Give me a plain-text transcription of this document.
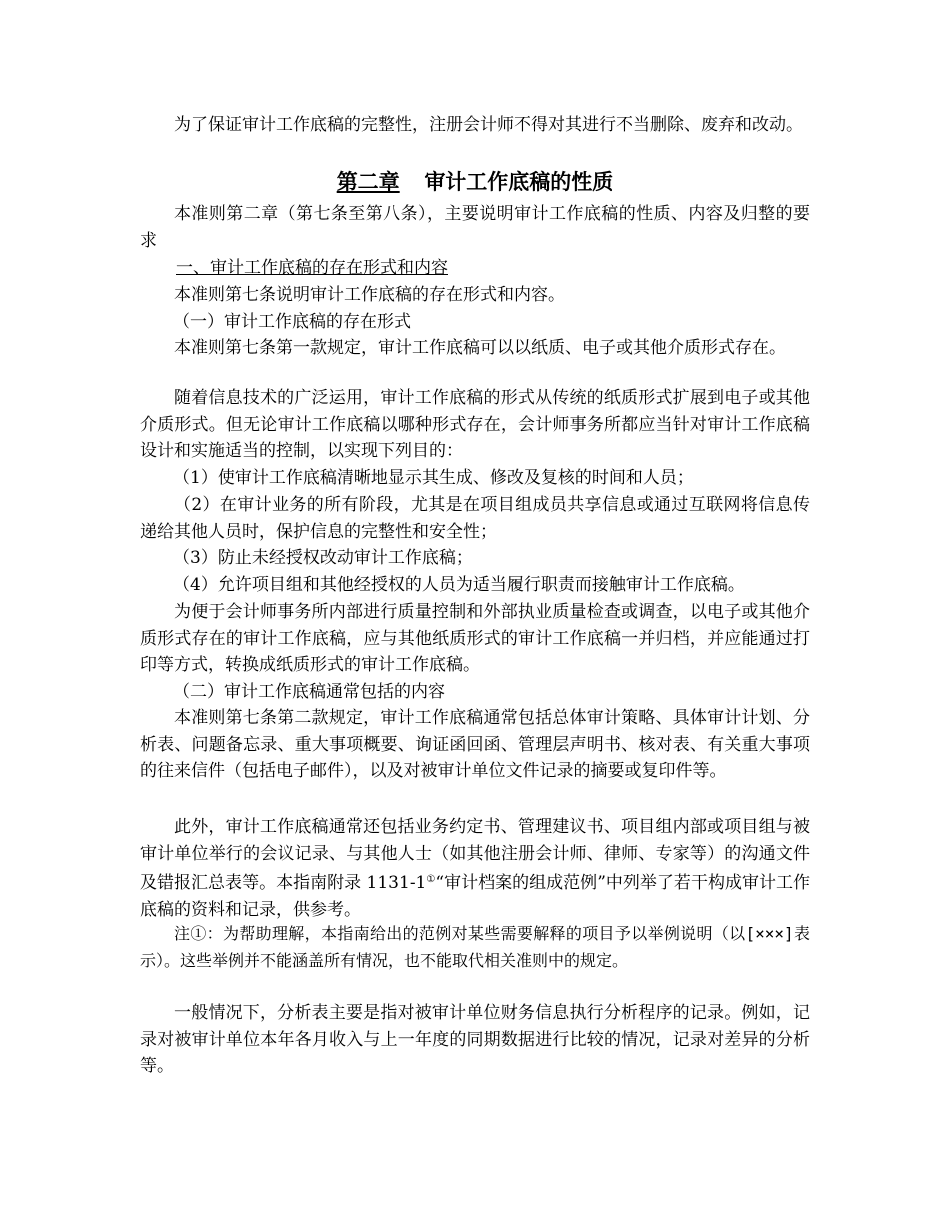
为了保证审计工作底稿的完整性，注册会计师不得对其进行不当删除、废弃和改动。

第二章 审计工作底稿的性质

本准则第二章（第七条至第八条），主要说明审计工作底稿的性质、内容及归整的要求

一、审计工作底稿的存在形式和内容

本准则第七条说明审计工作底稿的存在形式和内容。

（一）审计工作底稿的存在形式

本准则第七条第一款规定，审计工作底稿可以以纸质、电子或其他介质形式存在。

随着信息技术的广泛运用，审计工作底稿的形式从传统的纸质形式扩展到电子或其他介质形式。但无论审计工作底稿以哪种形式存在，会计师事务所都应当针对审计工作底稿设计和实施适当的控制，以实现下列目的：

（1）使审计工作底稿清晰地显示其生成、修改及复核的时间和人员；

（2）在审计业务的所有阶段，尤其是在项目组成员共享信息或通过互联网将信息传递给其他人员时，保护信息的完整性和安全性；

（3）防止未经授权改动审计工作底稿；

（4）允许项目组和其他经授权的人员为适当履行职责而接触审计工作底稿。

为便于会计师事务所内部进行质量控制和外部执业质量检查或调查，以电子或其他介质形式存在的审计工作底稿，应与其他纸质形式的审计工作底稿一并归档，并应能通过打印等方式，转换成纸质形式的审计工作底稿。

（二）审计工作底稿通常包括的内容

本准则第七条第二款规定，审计工作底稿通常包括总体审计策略、具体审计计划、分析表、问题备忘录、重大事项概要、询证函回函、管理层声明书、核对表、有关重大事项的往来信件（包括电子邮件），以及对被审计单位文件记录的摘要或复印件等。

此外，审计工作底稿通常还包括业务约定书、管理建议书、项目组内部或项目组与被审计单位举行的会议记录、与其他人士（如其他注册会计师、律师、专家等）的沟通文件及错报汇总表等。本指南附录 1131-1①“审计档案的组成范例”中列举了若干构成审计工作底稿的资料和记录，供参考。

注①：为帮助理解，本指南给出的范例对某些需要解释的项目予以举例说明（以[×××]表示）。这些举例并不能涵盖所有情况，也不能取代相关准则中的规定。

一般情况下，分析表主要是指对被审计单位财务信息执行分析程序的记录。例如，记录对被审计单位本年各月收入与上一年度的同期数据进行比较的情况，记录对差异的分析等。
